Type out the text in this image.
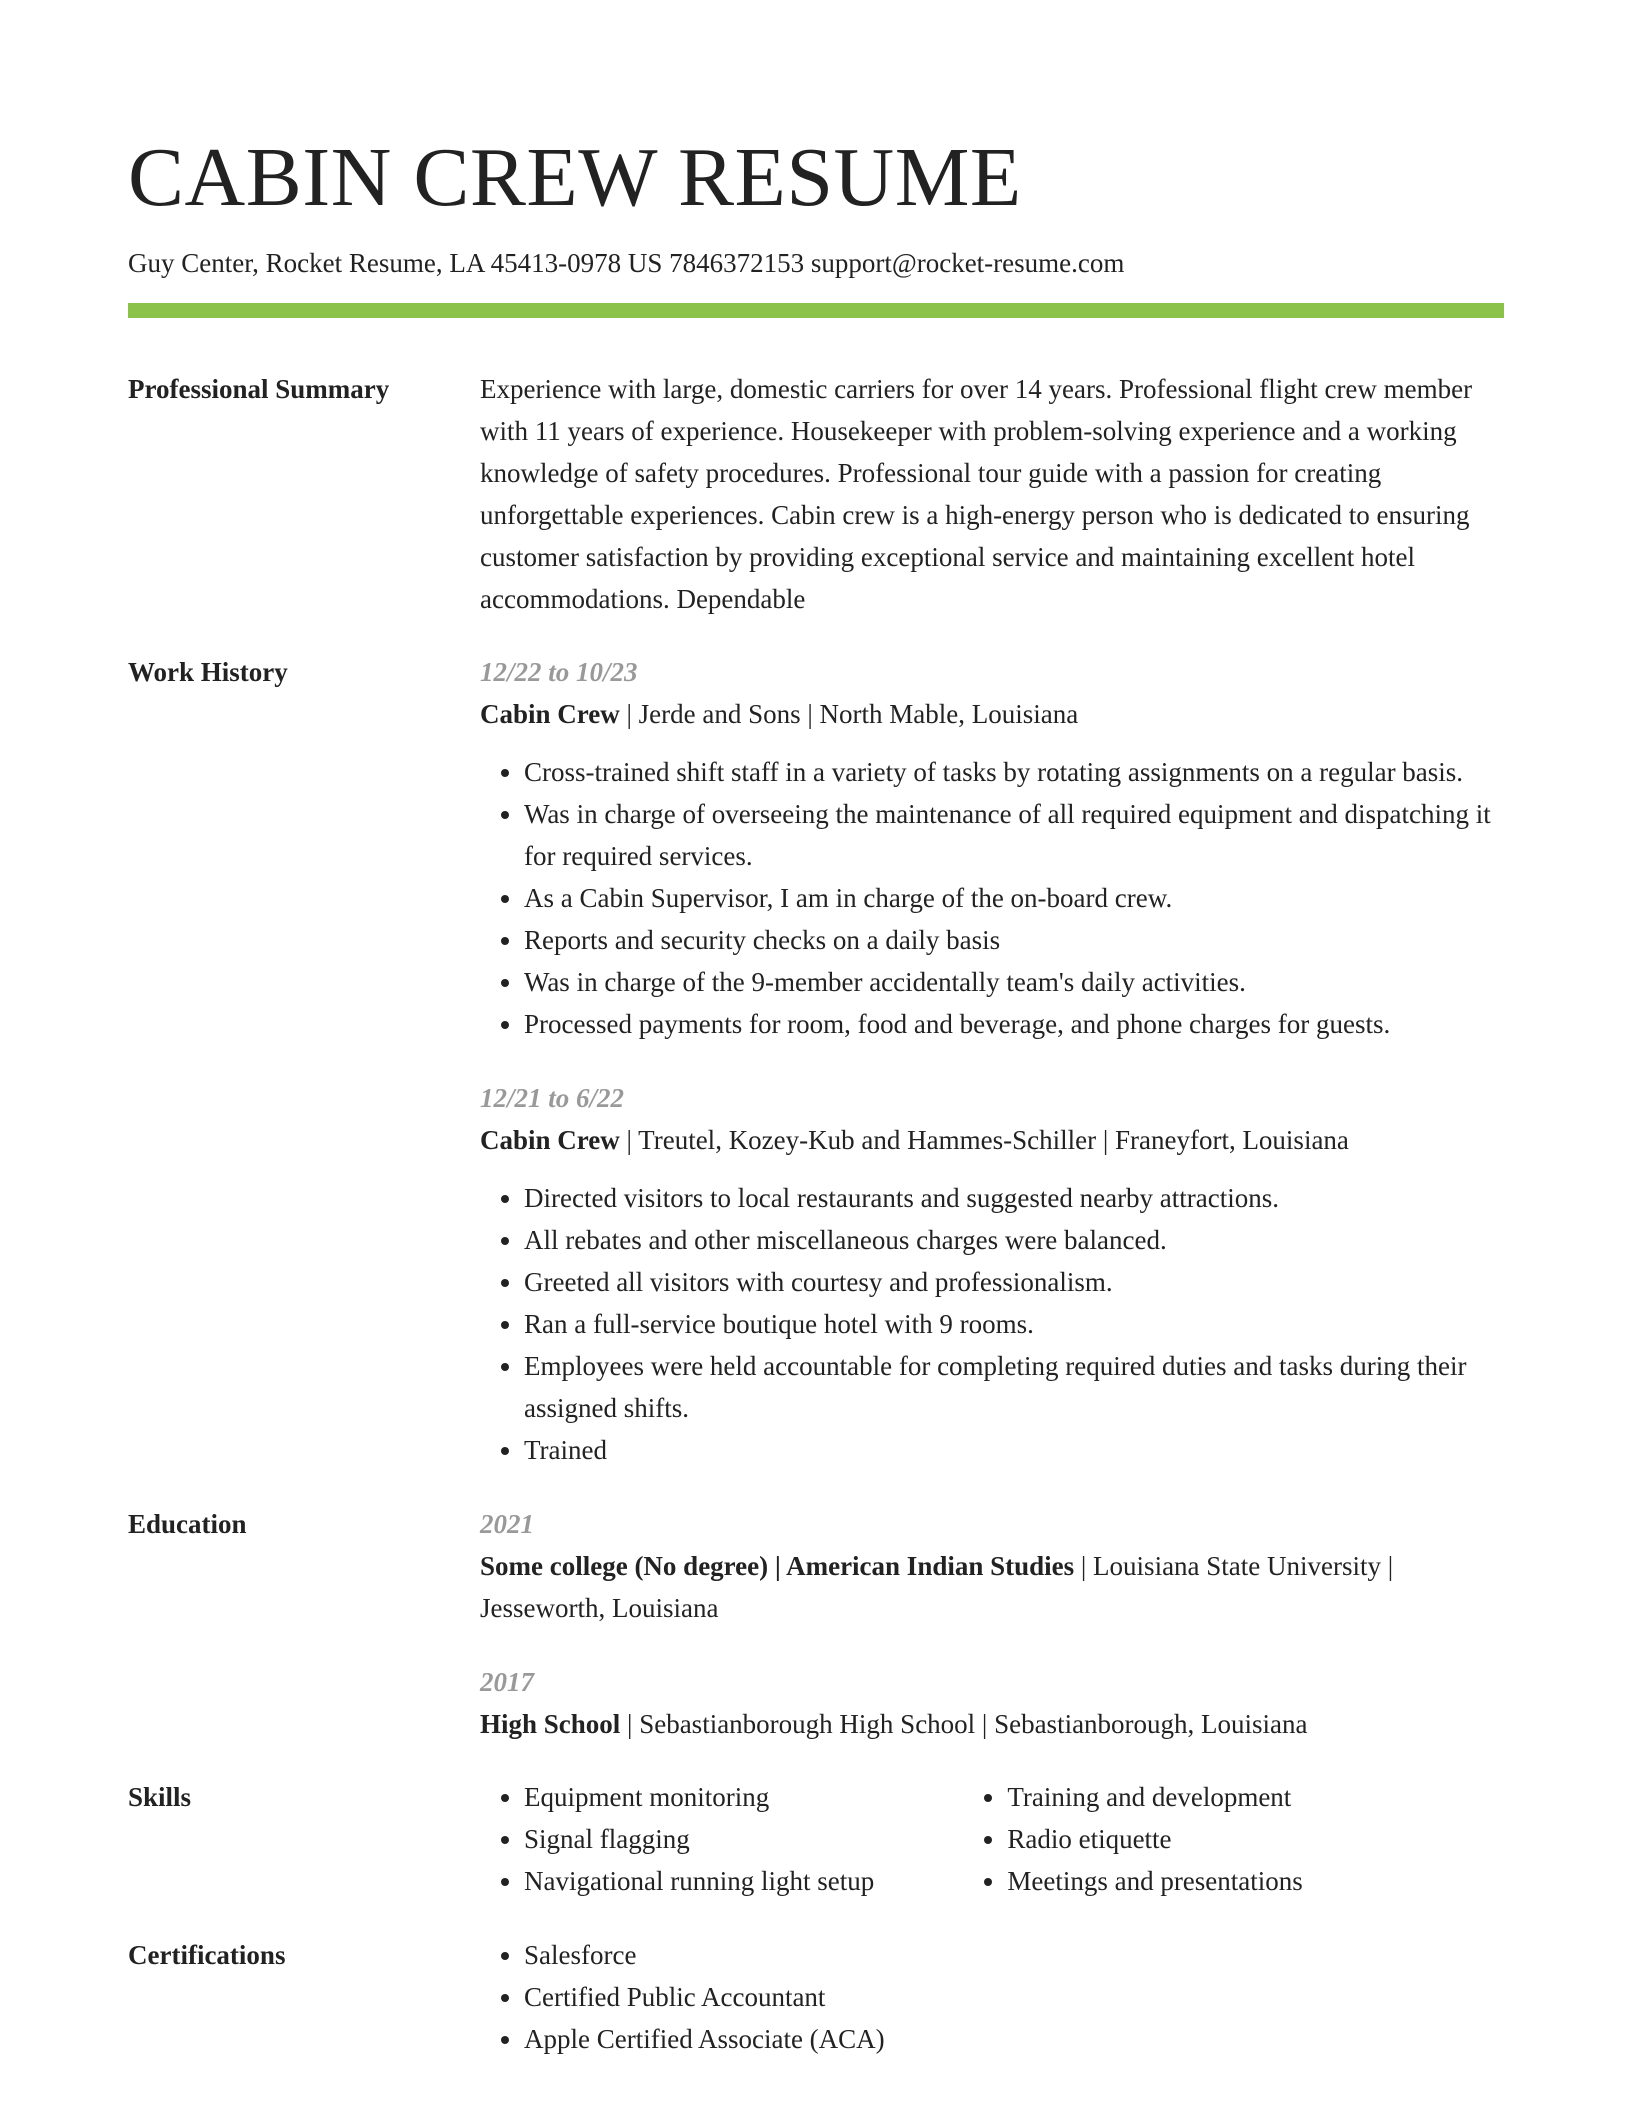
CABIN CREW RESUME
Guy Center, Rocket Resume, LA 45413-0978 US 7846372153 support@rocket-resume.com
Professional Summary	Experience with large, domestic carriers for over 14 years. Professional flight crew member with 11 years of experience. Housekeeper with problem-solving experience and a working knowledge of safety procedures. Professional tour guide with a passion for creating unforgettable experiences. Cabin crew is a high-energy person who is dedicated to ensuring customer satisfaction by providing exceptional service and maintaining excellent hotel accommodations. Dependable
Work History	12/22 to 10/23
Cabin Crew | Jerde and Sons | North Mable, Louisiana
• Cross-trained shift staff in a variety of tasks by rotating assignments on a regular basis.
• Was in charge of overseeing the maintenance of all required equipment and dispatching it for required services.
• As a Cabin Supervisor, I am in charge of the on-board crew.
• Reports and security checks on a daily basis
• Was in charge of the 9-member accidentally team's daily activities.
• Processed payments for room, food and beverage, and phone charges for guests.
12/21 to 6/22
Cabin Crew | Treutel, Kozey-Kub and Hammes-Schiller | Franeyfort, Louisiana
• Directed visitors to local restaurants and suggested nearby attractions.
• All rebates and other miscellaneous charges were balanced.
• Greeted all visitors with courtesy and professionalism.
• Ran a full-service boutique hotel with 9 rooms.
• Employees were held accountable for completing required duties and tasks during their assigned shifts.
• Trained
Education	2021
Some college (No degree) | American Indian Studies | Louisiana State University | Jesseworth, Louisiana
2017
High School | Sebastianborough High School | Sebastianborough, Louisiana
Skills	• Equipment monitoring
• Signal flagging
• Navigational running light setup
• Training and development
• Radio etiquette
• Meetings and presentations
Certifications	• Salesforce
• Certified Public Accountant
• Apple Certified Associate (ACA)
